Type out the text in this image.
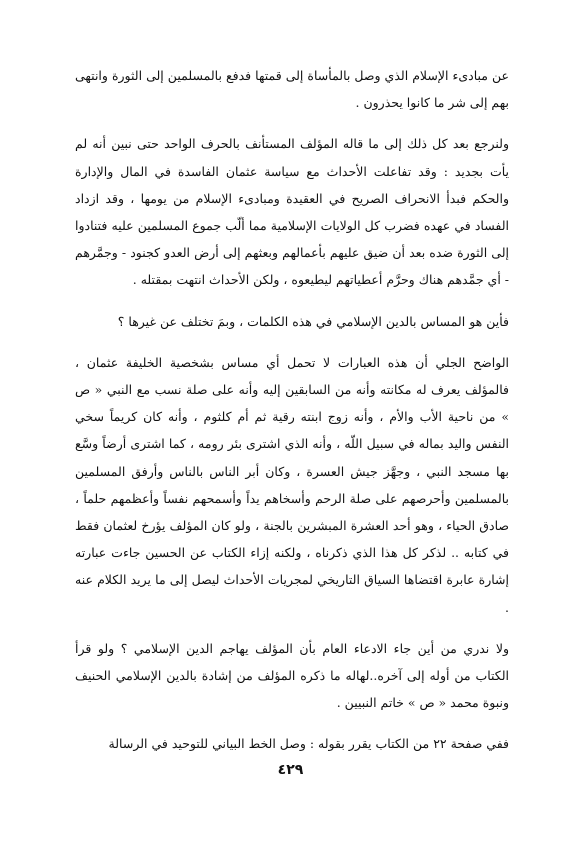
عن مبادىء الإسلام الذي وصل بالمأساة إلى قمتها فدفع بالمسلمين إلى الثورة وانتهى بهم إلى شر ما كانوا يحذرون .

ولنرجع بعد كل ذلك إلى ما قاله المؤلف المستأنف بالحرف الواحد حتى نبين أنه لم يأت بجديد : وقد تفاعلت الأحداث مع سياسة عثمان الفاسدة في المال والإدارة والحكم فبدأ الانحراف الصريح في العقيدة ومبادىء الإسلام من يومها ، وقد ازداد الفساد في عهده فضرب كل الولايات الإسلامية مما ألّب جموع المسلمين عليه فتنادوا إلى الثورة ضده بعد أن ضيق عليهم بأعمالهم وبعثهم إلى أرض العدو كجنود - وجمَّرهم - أي جمَّدهم هناك وحرَّم أعطياتهم ليطيعوه ، ولكن الأحداث انتهت بمقتله .

فأين هو المساس بالدين الإسلامي في هذه الكلمات ، وبمَ تختلف عن غيرها ؟

الواضح الجلي أن هذه العبارات لا تحمل أي مساس بشخصية الخليفة عثمان ، فالمؤلف يعرف له مكانته وأنه من السابقين إليه وأنه على صلة نسب مع النبي « ص » من ناحية الأب والأم ، وأنه زوج ابنته رقية ثم أم كلثوم ، وأنه كان كريماً سخي النفس واليد بماله في سبيل اللّه ، وأنه الذي اشترى بئر رومه ، كما اشترى أرضاً وسَّع بها مسجد النبي ، وجهَّز جيش العسرة ، وكان أبر الناس بالناس وأرفق المسلمين بالمسلمين وأحرصهم على صلة الرحم وأسخاهم يداً وأسمحهم نفساً وأعظمهم حلماً ، صادق الحياء ، وهو أحد العشرة المبشرين بالجنة ، ولو كان المؤلف يؤرخ لعثمان فقط في كتابه .. لذكر كل هذا الذي ذكرناه ، ولكنه إزاء الكتاب عن الحسين جاءت عبارته إشارة عابرة اقتضاها السياق التاريخي لمجريات الأحداث ليصل إلى ما يريد الكلام عنه .

ولا ندري من أين جاء الادعاء العام بأن المؤلف يهاجم الدين الإسلامي ؟ ولو قرأ الكتاب من أوله إلى آخره..لهاله ما ذكره المؤلف من إشادة بالدين الإسلامي الحنيف ونبوة محمد « ص » خاتم النبيين .

ففي صفحة ٢٢ من الكتاب يقرر بقوله : وصل الخط البياني للتوحيد في الرسالة

٤٢٩
